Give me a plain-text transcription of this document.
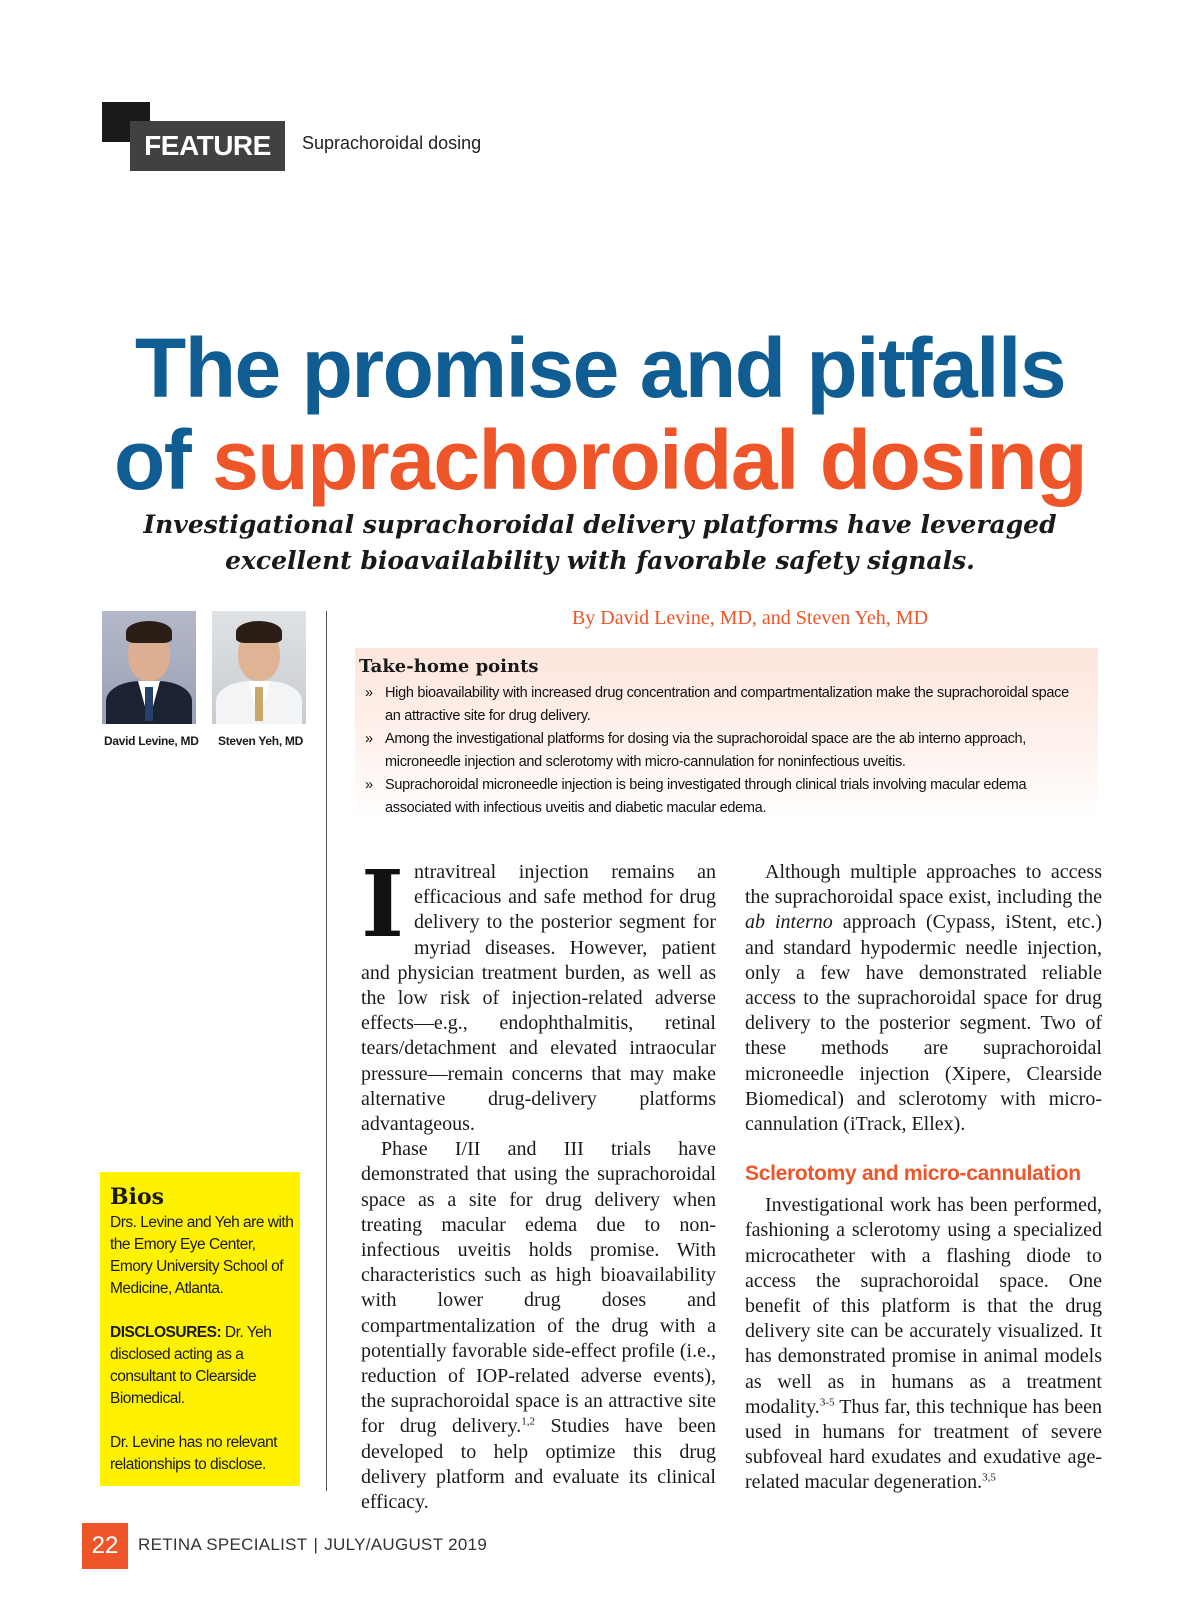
FEATURE	Suprachoroidal dosing
The promise and pitfalls
of suprachoroidal dosing

Investigational suprachoroidal delivery platforms have leveraged excellent bioavailability with favorable safety signals.

By David Levine, MD, and Steven Yeh, MD
David Levine, MD Steven Yeh, MD
Take-home points
» High bioavailability with increased drug concentration and compartmentalization make the suprachoroidal space an attractive site for drug delivery.
» Among the investigational platforms for dosing via the suprachoroidal space are the ab interno approach, microneedle injection and sclerotomy with micro-cannulation for noninfectious uveitis.
» Suprachoroidal microneedle injection is being investigated through clinical trials involving macular edema associated with infectious uveitis and diabetic macular edema.

Intravitreal injection remains an efficacious and safe method for drug delivery to the posterior segment for myriad diseases. However, patient and physician treatment burden, as well as the low risk of injection-related adverse effects—e.g., endophthalmitis, retinal tears/detachment and elevated intraocular pressure—remain concerns that may make alternative drug-delivery platforms advantageous.

Phase I/II and III trials have demonstrated that using the suprachoroidal space as a site for drug delivery when treating macular edema due to non-infectious uveitis holds promise. With characteristics such as high bioavailability with lower drug doses and compartmentalization of the drug with a potentially favorable side-effect profile (i.e., reduction of IOP-related adverse events), the suprachoroidal space is an attractive site for drug delivery.$^{1,2}$ Studies have been developed to help optimize this drug delivery platform and evaluate its clinical efficacy.

Although multiple approaches to access the suprachoroidal space exist, including the ab interno approach (Cypass, iStent, etc.) and standard hypodermic needle injection, only a few have demonstrated reliable access to the suprachoroidal space for drug delivery to the posterior segment. Two of these methods are suprachoroidal microneedle injection (Xipere, Clearside Biomedical) and sclerotomy with micro-cannulation (iTrack, Ellex).

Sclerotomy and micro-cannulation

Investigational work has been performed, fashioning a sclerotomy using a specialized microcatheter with a flashing diode to access the suprachoroidal space. One benefit of this platform is that the drug delivery site can be accurately visualized. It has demonstrated promise in animal models as well as in humans as a treatment modality.$^{3-5}$ Thus far, this technique has been used in humans for treatment of severe subfoveal hard exudates and exudative age-related macular degeneration.$^{3,5}$

Bios

Drs. Levine and Yeh are with the Emory Eye Center, Emory University School of Medicine, Atlanta.

DISCLOSURES: Dr. Yeh disclosed acting as a consultant to Clearside Biomedical.

Dr. Levine has no relevant relationships to disclose.

22	RETINA SPECIALIST | JULY/AUGUST 2019
